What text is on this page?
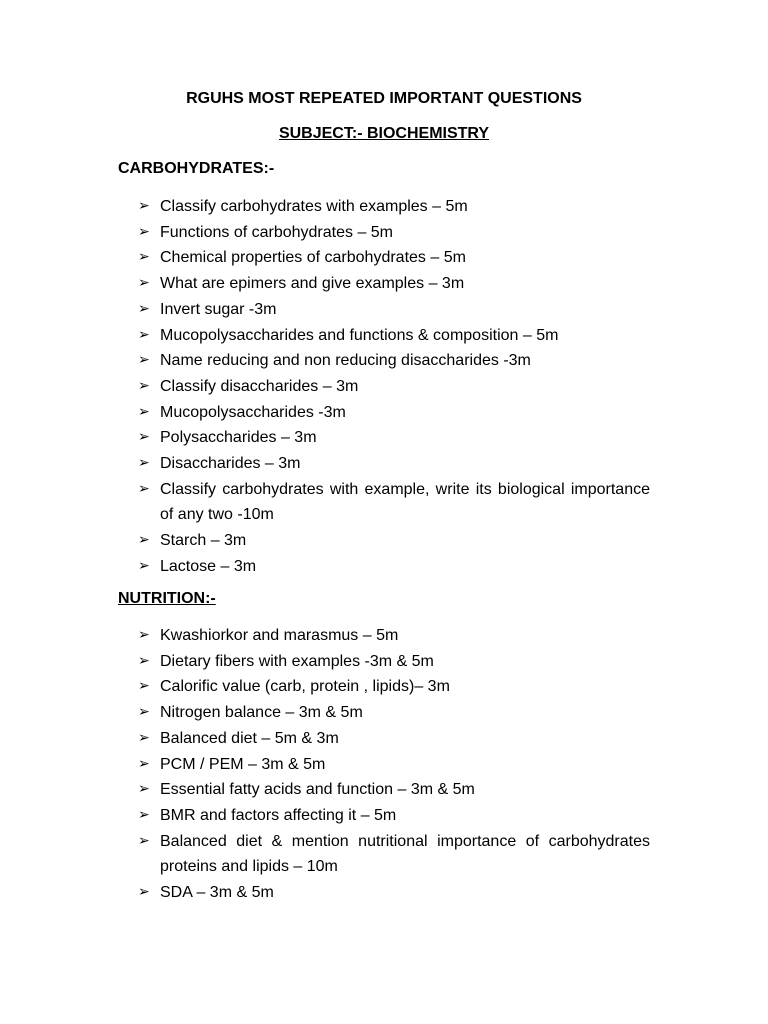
RGUHS MOST REPEATED IMPORTANT QUESTIONS
SUBJECT:- BIOCHEMISTRY
CARBOHYDRATES:-
➢ Classify carbohydrates with examples – 5m
➢ Functions of carbohydrates – 5m
➢ Chemical properties of carbohydrates – 5m
➢ What are epimers and give examples – 3m
➢ Invert sugar -3m
➢ Mucopolysaccharides and functions & composition – 5m
➢ Name reducing and non reducing disaccharides -3m
➢ Classify disaccharides – 3m
➢ Mucopolysaccharides -3m
➢ Polysaccharides – 3m
➢ Disaccharides – 3m
➢ Classify carbohydrates with example, write its biological importance of any two -10m
➢ Starch – 3m
➢ Lactose – 3m
NUTRITION:-
➢ Kwashiorkor and marasmus – 5m
➢ Dietary fibers with examples -3m & 5m
➢ Calorific value (carb, protein , lipids)– 3m
➢ Nitrogen balance – 3m & 5m
➢ Balanced diet – 5m & 3m
➢ PCM / PEM – 3m & 5m
➢ Essential fatty acids and function – 3m & 5m
➢ BMR and factors affecting it – 5m
➢ Balanced diet & mention nutritional importance of carbohydrates proteins and lipids – 10m
➢ SDA – 3m & 5m
